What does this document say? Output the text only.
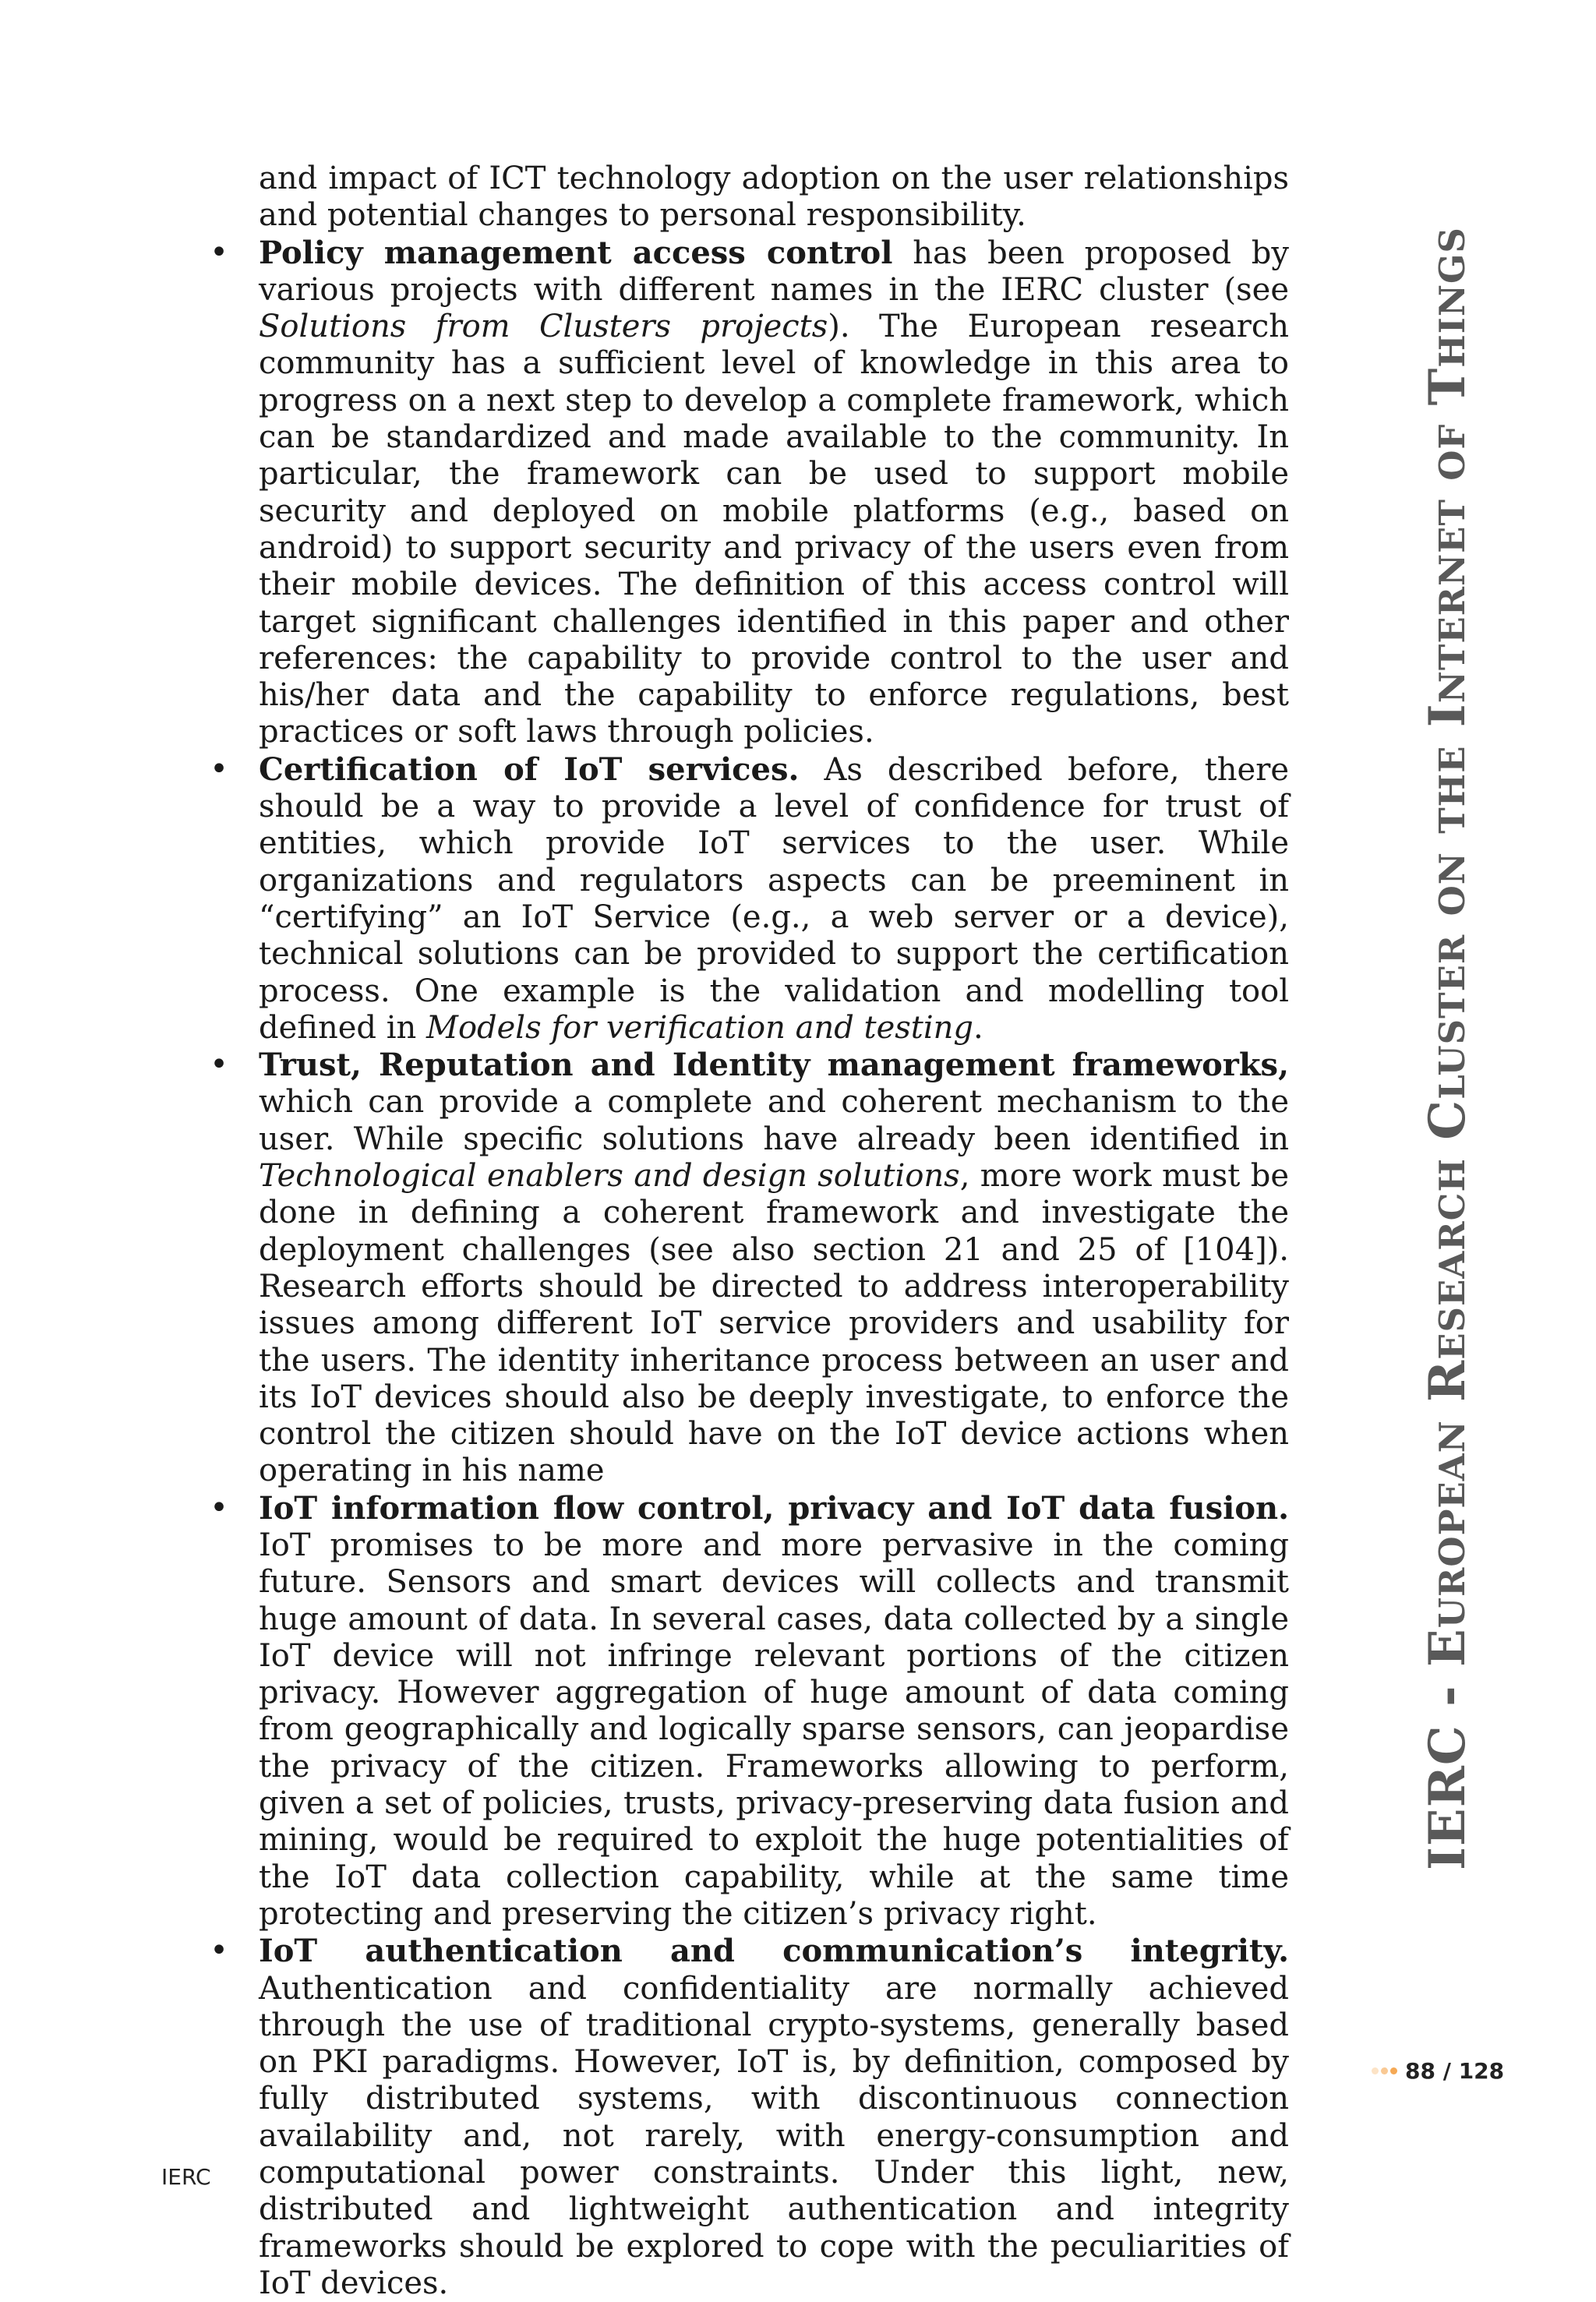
and impact of ICT technology adoption on the user relationships and potential changes to personal responsibility.

• Policy management access control has been proposed by various projects with different names in the IERC cluster (see Solutions from Clusters projects). The European research community has a sufficient level of knowledge in this area to progress on a next step to develop a complete framework, which can be standardized and made available to the community. In particular, the framework can be used to support mobile security and deployed on mobile platforms (e.g., based on android) to support security and privacy of the users even from their mobile devices. The definition of this access control will target significant challenges identified in this paper and other references: the capability to provide control to the user and his/her data and the capability to enforce regulations, best practices or soft laws through policies.
• Certification of IoT services. As described before, there should be a way to provide a level of confidence for trust of entities, which provide IoT services to the user. While organizations and regulators aspects can be preeminent in “certifying” an IoT Service (e.g., a web server or a device), technical solutions can be provided to support the certification process. One example is the validation and modelling tool defined in Models for verification and testing.
• Trust, Reputation and Identity management frameworks, which can provide a complete and coherent mechanism to the user. While specific solutions have already been identified in Technological enablers and design solutions, more work must be done in defining a coherent framework and investigate the deployment challenges (see also section 21 and 25 of [104]). Research efforts should be directed to address interoperability issues among different IoT service providers and usability for the users. The identity inheritance process between an user and its IoT devices should also be deeply investigate, to enforce the control the citizen should have on the IoT device actions when operating in his name
• IoT information flow control, privacy and IoT data fusion. IoT promises to be more and more pervasive in the coming future. Sensors and smart devices will collects and transmit huge amount of data. In several cases, data collected by a single IoT device will not infringe relevant portions of the citizen privacy. However aggregation of huge amount of data coming from geographically and logically sparse sensors, can jeopardise the privacy of the citizen. Frameworks allowing to perform, given a set of policies, trusts, privacy-preserving data fusion and mining, would be required to exploit the huge potentialities of the IoT data collection capability, while at the same time protecting and preserving the citizen’s privacy right.
• IoT authentication and communication’s integrity. Authentication and confidentiality are normally achieved through the use of traditional crypto-systems, generally based on PKI paradigms. However, IoT is, by definition, composed by fully distributed systems, with discontinuous connection availability and, not rarely, with energy-consumption and computational power constraints. Under this light, new, distributed and lightweight authentication and integrity frameworks should be explored to cope with the peculiarities of IoT devices.
IERC - European Research Cluster on the Internet of Things
88 / 128
IERC
